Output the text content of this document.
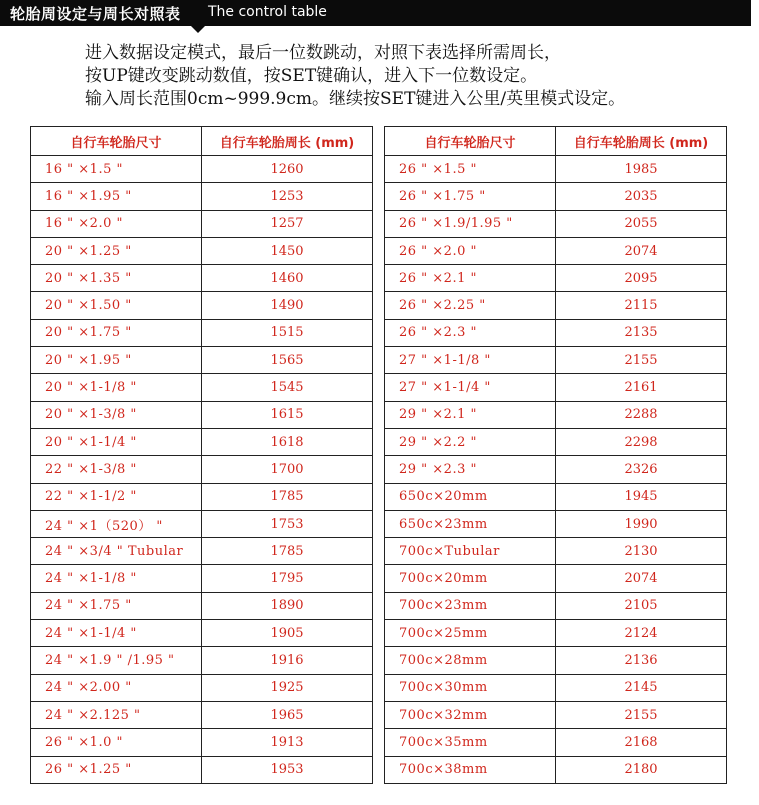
轮胎周设定与周长对照表 The control table
进入数据设定模式，最后一位数跳动，对照下表选择所需周长，
按UP键改变跳动数值，按SET键确认，进入下一位数设定。
输入周长范围0cm~999.9cm。继续按SET键进入公里/英里模式设定。
自行车轮胎尺寸	自行车轮胎周长 (mm)
16 " ×1.5 "	1260
16 " ×1.95 "	1253
16 " ×2.0 "	1257
20 " ×1.25 "	1450
20 " ×1.35 "	1460
20 " ×1.50 "	1490
20 " ×1.75 "	1515
20 " ×1.95 "	1565
20 " ×1-1/8 "	1545
20 " ×1-3/8 "	1615
20 " ×1-1/4 "	1618
22 " ×1-3/8 "	1700
22 " ×1-1/2 "	1785
24 " ×1（520） "	1753
24 " ×3/4 " Tubular	1785
24 " ×1-1/8 "	1795
24 " ×1.75 "	1890
24 " ×1-1/4 "	1905
24 " ×1.9 " /1.95 "	1916
24 " ×2.00 "	1925
24 " ×2.125 "	1965
26 " ×1.0 "	1913
26 " ×1.25 "	1953
自行车轮胎尺寸	自行车轮胎周长 (mm)
26 " ×1.5 "	1985
26 " ×1.75 "	2035
26 " ×1.9/1.95 "	2055
26 " ×2.0 "	2074
26 " ×2.1 "	2095
26 " ×2.25 "	2115
26 " ×2.3 "	2135
27 " ×1-1/8 "	2155
27 " ×1-1/4 "	2161
29 " ×2.1 "	2288
29 " ×2.2 "	2298
29 " ×2.3 "	2326
650c×20mm	1945
650c×23mm	1990
700c×Tubular	2130
700c×20mm	2074
700c×23mm	2105
700c×25mm	2124
700c×28mm	2136
700c×30mm	2145
700c×32mm	2155
700c×35mm	2168
700c×38mm	2180
